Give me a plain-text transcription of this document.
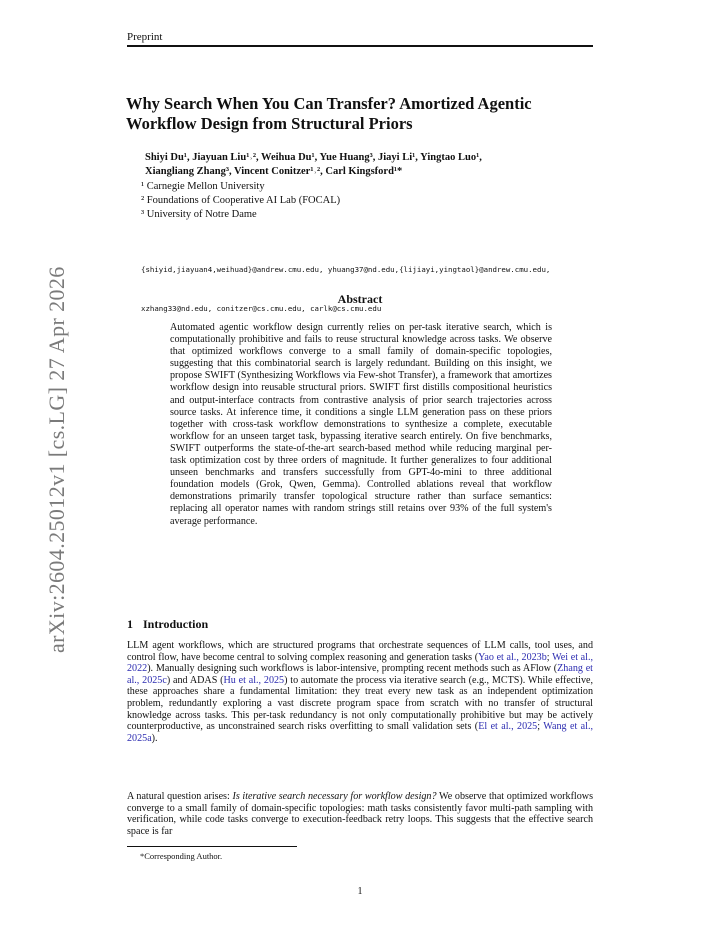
Preprint
Why Search When You Can Transfer? Amortized Agentic Workflow Design from Structural Priors
Shiyi Du¹, Jiayuan Liu¹˒², Weihua Du¹, Yue Huang³, Jiayi Li¹, Yingtao Luo¹,
Xiangliang Zhang³, Vincent Conitzer¹˒², Carl Kingsford¹*
¹ Carnegie Mellon University
² Foundations of Cooperative AI Lab (FOCAL)
³ University of Notre Dame

{shiyid,jiayuan4,weihuad}@andrew.cmu.edu, yhuang37@nd.edu,{lijiayi,yingtaol}@andrew.cmu.edu,

xzhang33@nd.edu, conitzer@cs.cmu.edu, carlk@cs.cmu.edu

Abstract
Automated agentic workflow design currently relies on per-task iterative search, which is computationally prohibitive and fails to reuse structural knowledge across tasks. We observe that optimized workflows converge to a small family of domain-specific topologies, suggesting that this combinatorial search is largely redundant. Building on this insight, we propose SWIFT (Synthesizing Workflows via Few-shot Transfer), a framework that amortizes workflow design into reusable structural priors. SWIFT first distills compositional heuristics and output-interface contracts from contrastive analysis of prior search trajectories across source tasks. At inference time, it conditions a single LLM generation pass on these priors together with cross-task workflow demonstrations to synthesize a complete, executable workflow for an unseen target task, bypassing iterative search entirely. On five benchmarks, SWIFT outperforms the state-of-the-art search-based method while reducing marginal per-task optimization cost by three orders of magnitude. It further generalizes to four additional unseen benchmarks and transfers successfully from GPT-4o-mini to three additional foundation models (Grok, Qwen, Gemma). Controlled ablations reveal that workflow demonstrations primarily transfer topological structure rather than surface semantics: replacing all operator names with random strings still retains over 93% of the full system's average performance.
1 Introduction
LLM agent workflows, which are structured programs that orchestrate sequences of LLM calls, tool uses, and control flow, have become central to solving complex reasoning and generation tasks (Yao et al., 2023b; Wei et al., 2022). Manually designing such workflows is labor-intensive, prompting recent methods such as AFlow (Zhang et al., 2025c) and ADAS (Hu et al., 2025) to automate the process via iterative search (e.g., MCTS). While effective, these approaches share a fundamental limitation: they treat every new task as an independent optimization problem, redundantly exploring a vast discrete program space from scratch with no transfer of structural knowledge across tasks. This per-task redundancy is not only computationally prohibitive but may be actively counterproductive, as unconstrained search risks overfitting to small validation sets (El et al., 2025; Wang et al., 2025a).
A natural question arises: Is iterative search necessary for workflow design? We observe that optimized workflows converge to a small family of domain-specific topologies: math tasks consistently favor multi-path sampling with verification, while code tasks converge to execution-feedback retry loops. This suggests that the effective search space is far
*Corresponding Author.
1
arXiv:2604.25012v1 [cs.LG] 27 Apr 2026
